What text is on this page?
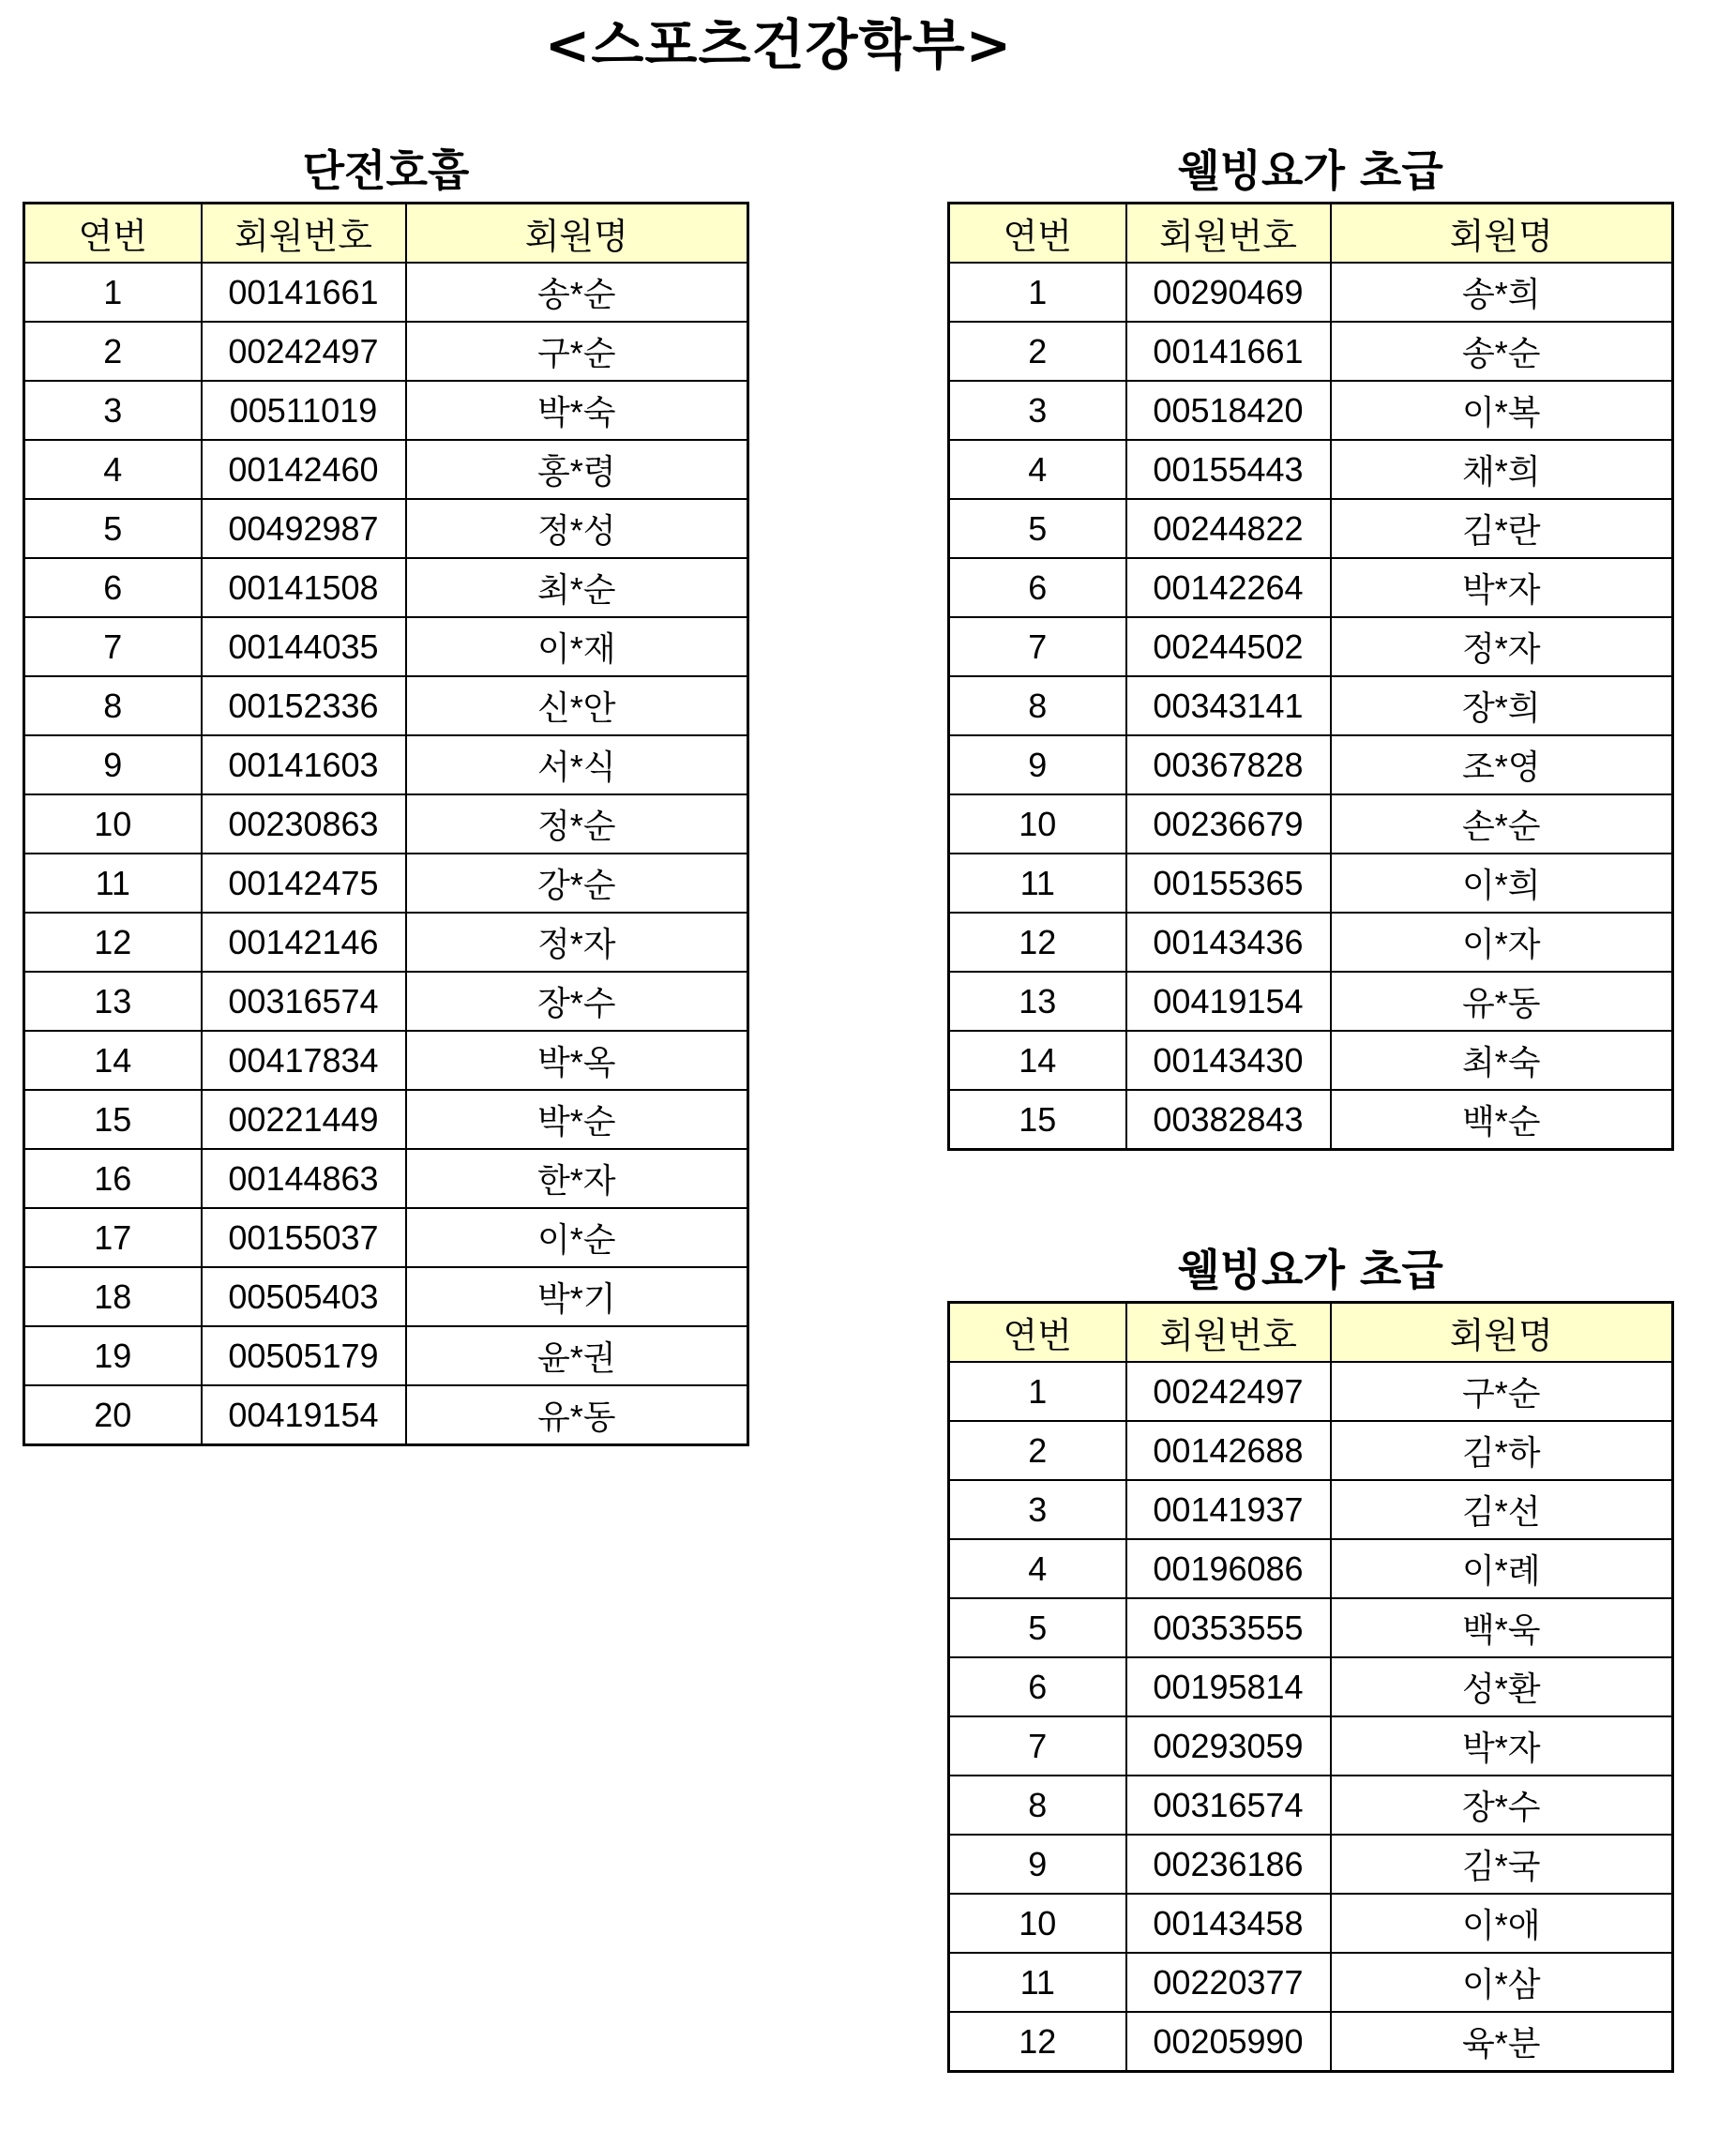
<스포츠건강학부>
단전호흡
연번	회원번호	회원명
1	00141661	송*순
2	00242497	구*순
3	00511019	박*숙
4	00142460	홍*령
5	00492987	정*성
6	00141508	최*순
7	00144035	이*재
8	00152336	신*안
9	00141603	서*식
10	00230863	정*순
11	00142475	강*순
12	00142146	정*자
13	00316574	장*수
14	00417834	박*옥
15	00221449	박*순
16	00144863	한*자
17	00155037	이*순
18	00505403	박*기
19	00505179	윤*권
20	00419154	유*동
웰빙요가 초급
연번	회원번호	회원명
1	00290469	송*희
2	00141661	송*순
3	00518420	이*복
4	00155443	채*희
5	00244822	김*란
6	00142264	박*자
7	00244502	정*자
8	00343141	장*희
9	00367828	조*영
10	00236679	손*순
11	00155365	이*희
12	00143436	이*자
13	00419154	유*동
14	00143430	최*숙
15	00382843	백*순
웰빙요가 초급
연번	회원번호	회원명
1	00242497	구*순
2	00142688	김*하
3	00141937	김*선
4	00196086	이*례
5	00353555	백*욱
6	00195814	성*환
7	00293059	박*자
8	00316574	장*수
9	00236186	김*국
10	00143458	이*애
11	00220377	이*삼
12	00205990	육*분
